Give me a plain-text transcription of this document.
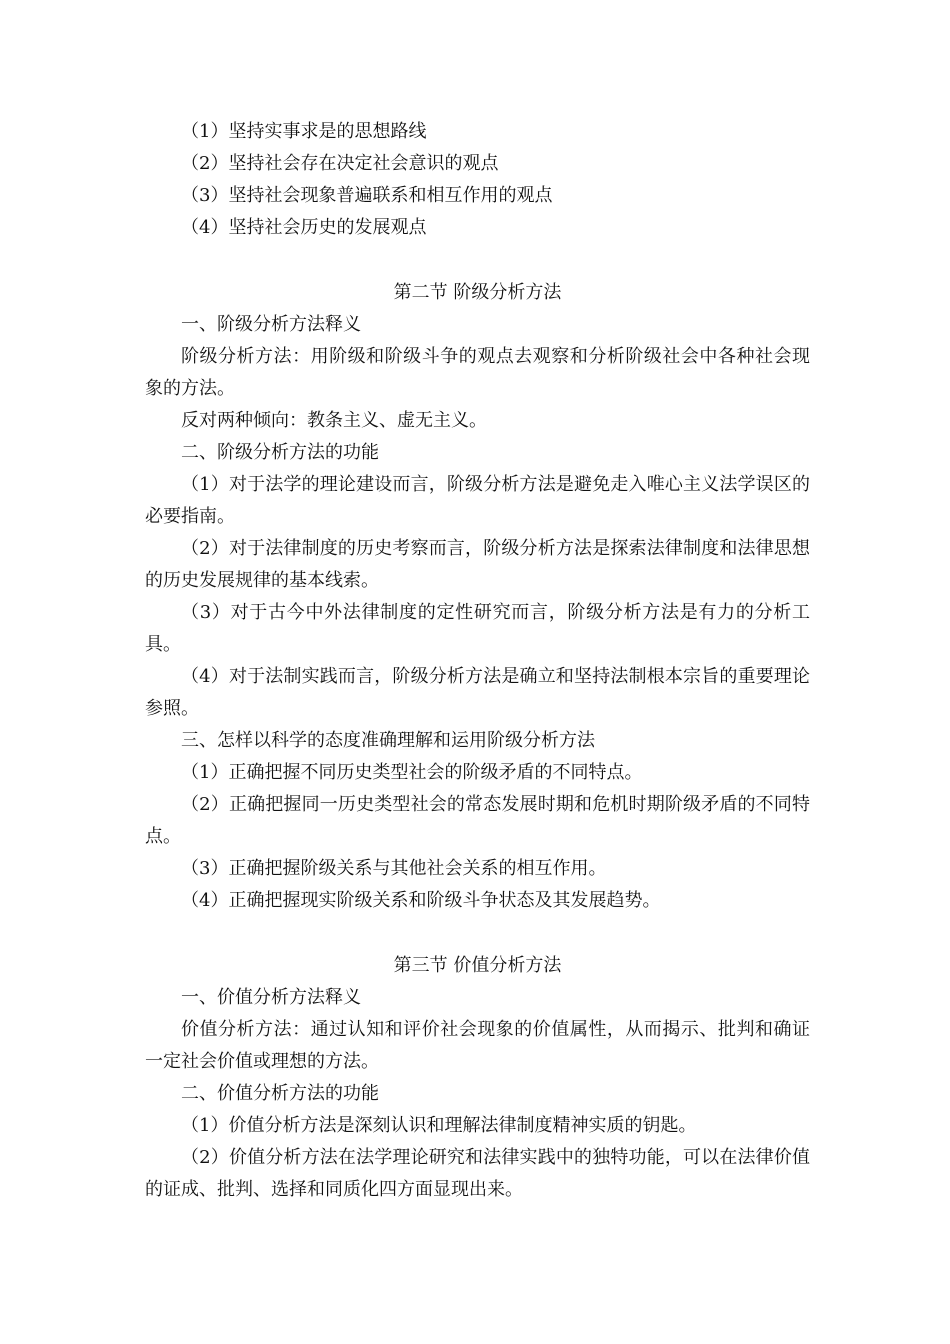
（1）坚持实事求是的思想路线
（2）坚持社会存在决定社会意识的观点
（3）坚持社会现象普遍联系和相互作用的观点
（4）坚持社会历史的发展观点
第二节 阶级分析方法
一、阶级分析方法释义
阶级分析方法：用阶级和阶级斗争的观点去观察和分析阶级社会中各种社会现象的方法。
反对两种倾向：教条主义、虚无主义。
二、阶级分析方法的功能
（1）对于法学的理论建设而言，阶级分析方法是避免走入唯心主义法学误区的必要指南。
（2）对于法律制度的历史考察而言，阶级分析方法是探索法律制度和法律思想的历史发展规律的基本线索。
（3）对于古今中外法律制度的定性研究而言，阶级分析方法是有力的分析工具。
（4）对于法制实践而言，阶级分析方法是确立和坚持法制根本宗旨的重要理论参照。
三、怎样以科学的态度准确理解和运用阶级分析方法
（1）正确把握不同历史类型社会的阶级矛盾的不同特点。
（2）正确把握同一历史类型社会的常态发展时期和危机时期阶级矛盾的不同特点。
（3）正确把握阶级关系与其他社会关系的相互作用。
（4）正确把握现实阶级关系和阶级斗争状态及其发展趋势。
第三节 价值分析方法
一、价值分析方法释义
价值分析方法：通过认知和评价社会现象的价值属性，从而揭示、批判和确证一定社会价值或理想的方法。
二、价值分析方法的功能
（1）价值分析方法是深刻认识和理解法律制度精神实质的钥匙。
（2）价值分析方法在法学理论研究和法律实践中的独特功能，可以在法律价值的证成、批判、选择和同质化四方面显现出来。
